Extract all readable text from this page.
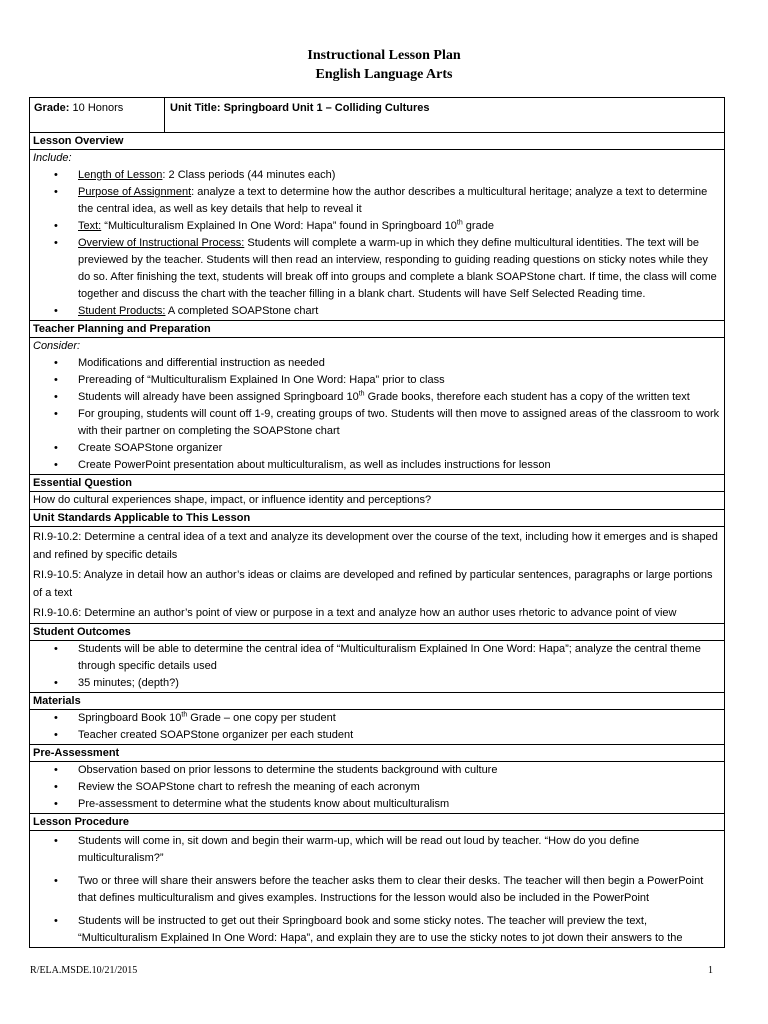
Instructional Lesson Plan
English Language Arts
Grade: 10 Honors	Unit Title: Springboard Unit 1 – Colliding Cultures
Lesson Overview
Include:
• Length of Lesson: 2 Class periods (44 minutes each)
• Purpose of Assignment: analyze a text to determine how the author describes a multicultural heritage; analyze a text to determine the central idea, as well as key details that help to reveal it
• Text: “Multiculturalism Explained In One Word: Hapa” found in Springboard 10th grade
• Overview of Instructional Process: Students will complete a warm-up in which they define multicultural identities. The text will be previewed by the teacher. Students will then read an interview, responding to guiding reading questions on sticky notes while they do so. After finishing the text, students will break off into groups and complete a blank SOAPStone chart. If time, the class will come together and discuss the chart with the teacher filling in a blank chart. Students will have Self Selected Reading time.
• Student Products: A completed SOAPStone chart
Teacher Planning and Preparation
Consider:
• Modifications and differential instruction as needed
• Prereading of “Multiculturalism Explained In One Word: Hapa” prior to class
• Students will already have been assigned Springboard 10th Grade books, therefore each student has a copy of the written text
• For grouping, students will count off 1-9, creating groups of two. Students will then move to assigned areas of the classroom to work with their partner on completing the SOAPStone chart
• Create SOAPStone organizer
• Create PowerPoint presentation about multiculturalism, as well as includes instructions for lesson
Essential Question
How do cultural experiences shape, impact, or influence identity and perceptions?
Unit Standards Applicable to This Lesson

RI.9-10.2: Determine a central idea of a text and analyze its development over the course of the text, including how it emerges and is shaped and refined by specific details

RI.9-10.5: Analyze in detail how an author’s ideas or claims are developed and refined by particular sentences, paragraphs or large portions of a text

RI.9-10.6: Determine an author’s point of view or purpose in a text and analyze how an author uses rhetoric to advance point of view

Student Outcomes
• Students will be able to determine the central idea of “Multiculturalism Explained In One Word: Hapa”; analyze the central theme through specific details used
• 35 minutes; (depth?)
Materials
• Springboard Book 10th Grade – one copy per student
• Teacher created SOAPStone organizer per each student
Pre-Assessment
• Observation based on prior lessons to determine the students background with culture
• Review the SOAPStone chart to refresh the meaning of each acronym
• Pre-assessment to determine what the students know about multiculturalism
Lesson Procedure
• Students will come in, sit down and begin their warm-up, which will be read out loud by teacher. “How do you define multiculturalism?”
• Two or three will share their answers before the teacher asks them to clear their desks. The teacher will then begin a PowerPoint that defines multiculturalism and gives examples. Instructions for the lesson would also be included in the PowerPoint
• Students will be instructed to get out their Springboard book and some sticky notes. The teacher will preview the text, “Multiculturalism Explained In One Word: Hapa”, and explain they are to use the sticky notes to jot down their answers to the
R/ELA.MSDE.10/21/2015	1
